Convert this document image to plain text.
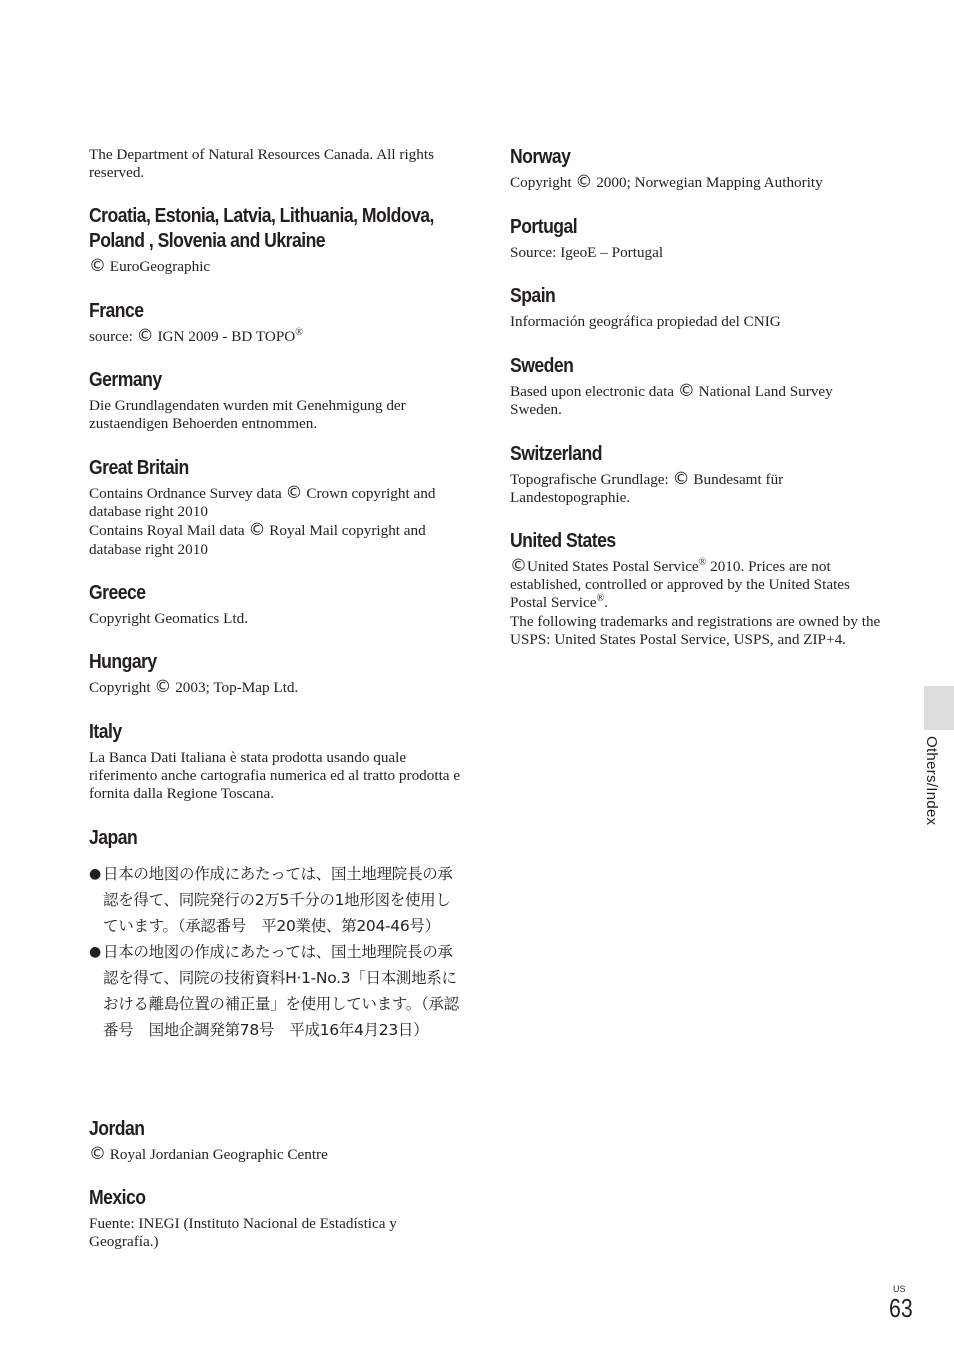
The Department of Natural Resources Canada. All rights reserved.

Croatia, Estonia, Latvia, Lithuania, Moldova, Poland , Slovenia and Ukraine

© EuroGeographic

France

source: © IGN 2009 - BD TOPO®

Germany

Die Grundlagendaten wurden mit Genehmigung der zustaendigen Behoerden entnommen.

Great Britain

Contains Ordnance Survey data © Crown copyright and database right 2010
Contains Royal Mail data © Royal Mail copyright and database right 2010

Greece

Copyright Geomatics Ltd.

Hungary

Copyright © 2003; Top-Map Ltd.

Italy

La Banca Dati Italiana è stata prodotta usando quale riferimento anche cartografia numerica ed al tratto prodotta e fornita dalla Regione Toscana.

Japan
● 日本の地図の作成にあたっては、国土地理院長の承認を得て、同院発行の2万5千分の1地形図を使用しています。（承認番号　平20業使、第204-46号）
● 日本の地図の作成にあたっては、国土地理院長の承認を得て、同院の技術資料H·1-No.3「日本測地系における離島位置の補正量」を使用しています。（承認番号　国地企調発第78号　平成16年4月23日）
Jordan

© Royal Jordanian Geographic Centre

Mexico

Fuente: INEGI (Instituto Nacional de Estadística y Geografía.)

Norway

Copyright © 2000; Norwegian Mapping Authority

Portugal

Source: IgeoE – Portugal

Spain

Información geográfica propiedad del CNIG

Sweden

Based upon electronic data © National Land Survey Sweden.

Switzerland

Topografische Grundlage: © Bundesamt für Landestopographie.

United States

©United States Postal Service® 2010. Prices are not established, controlled or approved by the United States Postal Service®.
The following trademarks and registrations are owned by the USPS: United States Postal Service, USPS, and ZIP+4.

Others/Index
US
63
